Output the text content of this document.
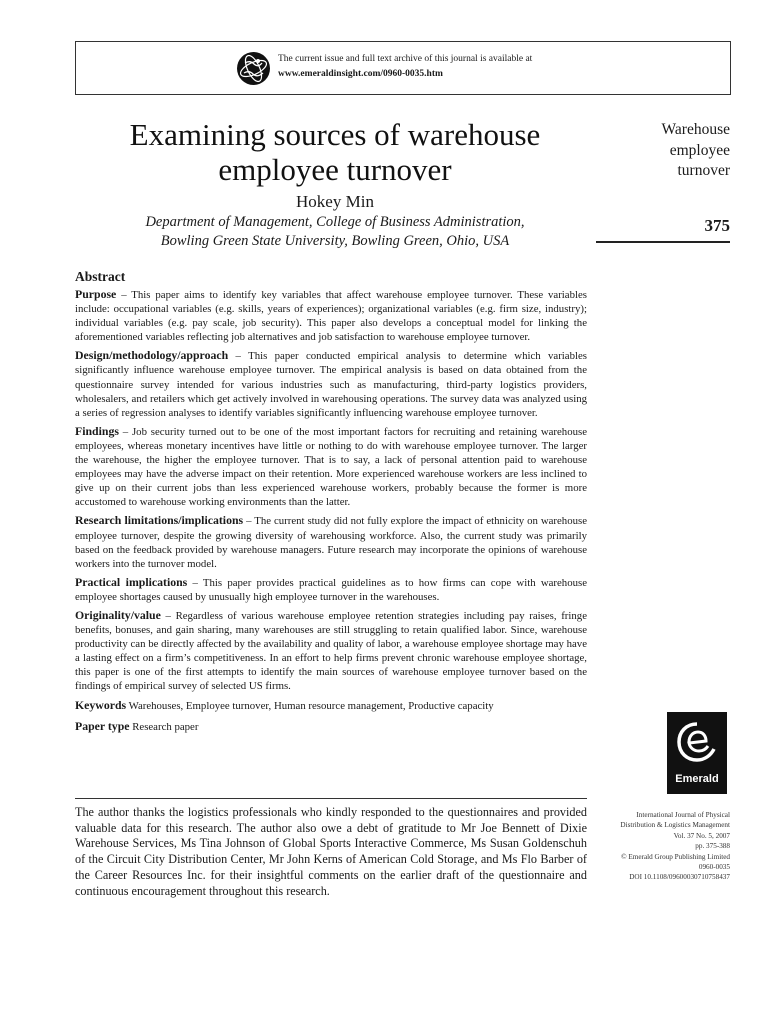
The current issue and full text archive of this journal is available at
www.emeraldinsight.com/0960-0035.htm
Examining sources of warehouse employee turnover
Hokey Min
Department of Management, College of Business Administration,
Bowling Green State University, Bowling Green, Ohio, USA
Warehouse employee turnover
375
Abstract
Purpose – This paper aims to identify key variables that affect warehouse employee turnover. These variables include: occupational variables (e.g. skills, years of experiences); organizational variables (e.g. firm size, industry); individual variables (e.g. pay scale, job security). This paper also develops a conceptual model for linking the aforementioned variables reflecting job alternatives and job satisfaction to warehouse employee turnover.
Design/methodology/approach – This paper conducted empirical analysis to determine which variables significantly influence warehouse employee turnover. The empirical analysis is based on data obtained from the questionnaire survey intended for various industries such as manufacturing, third-party logistics providers, wholesalers, and retailers which get actively involved in warehousing operations. The survey data was analyzed using a series of regression analyses to identify variables significantly influencing warehouse employee turnover.
Findings – Job security turned out to be one of the most important factors for recruiting and retaining warehouse employees, whereas monetary incentives have little or nothing to do with warehouse employee turnover. The larger the warehouse, the higher the employee turnover. That is to say, a lack of personal attention paid to warehouse employees may have the adverse impact on their retention. More experienced warehouse workers are less inclined to give up on their current jobs than less experienced warehouse workers, probably because the former is more accustomed to warehouse working environments than the latter.
Research limitations/implications – The current study did not fully explore the impact of ethnicity on warehouse employee turnover, despite the growing diversity of warehousing workforce. Also, the current study was primarily based on the feedback provided by warehouse managers. Future research may incorporate the opinions of warehouse workers into the turnover model.
Practical implications – This paper provides practical guidelines as to how firms can cope with warehouse employee shortages caused by unusually high employee turnover in the warehouses.
Originality/value – Regardless of various warehouse employee retention strategies including pay raises, fringe benefits, bonuses, and gain sharing, many warehouses are still struggling to retain qualified labor. Since, warehouse productivity can be directly affected by the availability and quality of labor, a warehouse employee shortage may have a lasting effect on a firm’s competitiveness. In an effort to help firms prevent chronic warehouse employee shortage, this paper is one of the first attempts to identify the main sources of warehouse employee turnover based on the findings of empirical survey of selected US firms.
Keywords Warehouses, Employee turnover, Human resource management, Productive capacity
Paper type Research paper
Emerald
The author thanks the logistics professionals who kindly responded to the questionnaires and provided valuable data for this research. The author also owe a debt of gratitude to Mr Joe Bennett of Dixie Warehouse Services, Ms Tina Johnson of Global Sports Interactive Commerce, Ms Susan Goldenschuh of the Circuit City Distribution Center, Mr John Kerns of American Cold Storage, and Ms Flo Barber of the Career Resources Inc. for their insightful comments on the earlier draft of the questionnaire and continuous encouragement throughout this research.
International Journal of Physical
Distribution & Logistics Management
Vol. 37 No. 5, 2007
pp. 375-388
© Emerald Group Publishing Limited
0960-0035
DOI 10.1108/09600030710758437
